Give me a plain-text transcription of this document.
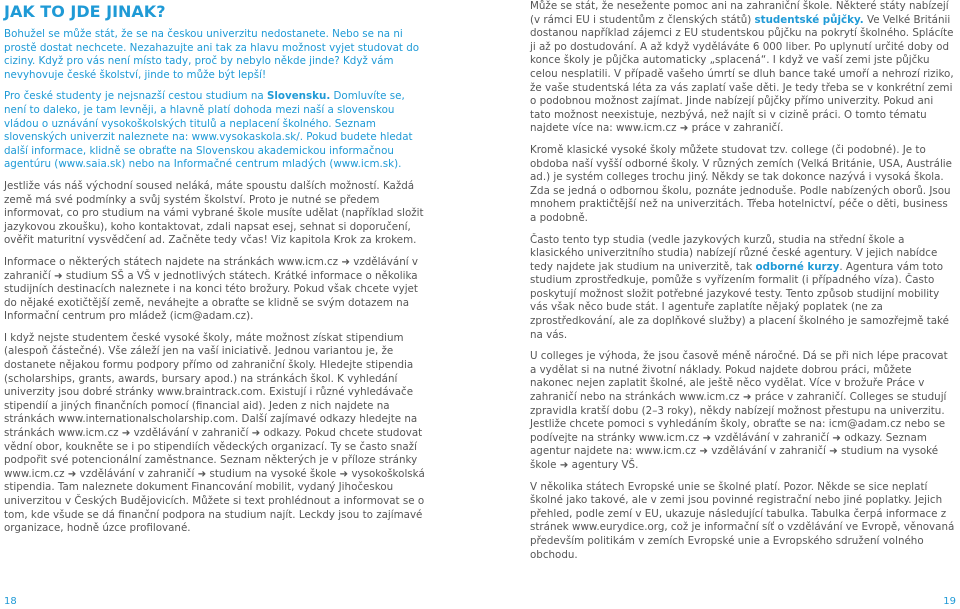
JAK TO JDE JINAK?

Bohužel se může stát, že se na českou univerzitu nedostanete. Nebo se na ni prostě dostat nechcete. Nezahazujte ani tak za hlavu možnost vyjet studovat do ciziny. Když pro vás není místo tady, proč by nebylo někde jinde? Když vám nevyhovuje české školství, jinde to může být lepší!

Pro české studenty je nejsnazší cestou studium na Slovensku. Domluvíte se, není to daleko, je tam levněji, a hlavně platí dohoda mezi naší a slovenskou vládou o uznávání vysokoškolských titulů a neplacení školného. Seznam slovenských univerzit naleznete na: www.vysokaskola.sk/. Pokud budete hledat další informace, klidně se obraťte na Slovenskou akademickou informačnou agentúru (www.saia.sk) nebo na Informačné centrum mladých (www.icm.sk).

Jestliže vás náš východní soused neláká, máte spoustu dalších možností. Každá země má své podmínky a svůj systém školství. Proto je nutné se předem informovat, co pro studium na vámi vybrané škole musíte udělat (například složit jazykovou zkoušku), koho kontaktovat, zdali napsat esej, sehnat si doporučení, ověřit maturitní vysvědčení ad. Začněte tedy včas! Viz kapitola Krok za krokem.

Informace o některých státech najdete na stránkách www.icm.cz ➜ vzdělávání v zahraničí ➜ studium SŠ a VŠ v jednotlivých státech. Krátké informace o několika studijních destinacích naleznete i na konci této brožury. Pokud však chcete vyjet do nějaké exotičtější země, neváhejte a obraťte se klidně se svým dotazem na Informační centrum pro mládež (icm@adam.cz).

I když nejste studentem české vysoké školy, máte možnost získat stipendium (alespoň částečné). Vše záleží jen na vaší iniciativě. Jednou variantou je, že dostanete nějakou formu podpory přímo od zahraniční školy. Hledejte stipendia (scholarships, grants, awards, bursary apod.) na stránkách škol. K vyhledání univerzity jsou dobré stránky www.braintrack.com. Existují i různé vyhledávače stipendií a jiných finančních pomocí (financial aid). Jeden z nich najdete na stránkách www.internationalscholarship.com. Další zajímavé odkazy hledejte na stránkách www.icm.cz ➜ vzdělávání v zahraničí ➜ odkazy. Pokud chcete studovat vědní obor, koukněte se i po stipendiích vědeckých organizací. Ty se často snaží podpořit své potencionální zaměstnance. Seznam některých je v příloze stránky www.icm.cz ➜ vzdělávání v zahraničí ➜ studium na vysoké škole ➜ vysokoškolská stipendia. Tam naleznete dokument Financování mobilit, vydaný Jihočeskou univerzitou v Českých Budějovicích. Můžete si text prohlédnout a informovat se o tom, kde všude se dá finanční podpora na studium najít. Leckdy jsou to zajímavé organizace, hodně úzce profilované.

Může se stát, že nesežente pomoc ani na zahraniční škole. Některé státy nabízejí (v rámci EU i studentům z členských států) studentské půjčky. Ve Velké Británii dostanou například zájemci z EU studentskou půjčku na pokrytí školného. Splácíte ji až po dostudování. A až když vyděláváte 6 000 liber. Po uplynutí určité doby od konce školy je půjčka automaticky „splacená“. I když ve vaší zemi jste půjčku celou nesplatili. V případě vašeho úmrtí se dluh bance také umoří a nehrozí riziko, že vaše studentská léta za vás zaplatí vaše děti. Je tedy třeba se v konkrétní zemi o podobnou možnost zajímat. Jinde nabízejí půjčky přímo univerzity. Pokud ani tato možnost neexistuje, nezbývá, než najít si v cizině práci. O tomto tématu najdete více na: www.icm.cz ➜ práce v zahraničí.

Kromě klasické vysoké školy můžete studovat tzv. college (či podobné). Je to obdoba naší vyšší odborné školy. V různých zemích (Velká Británie, USA, Austrálie ad.) je systém colleges trochu jiný. Někdy se tak dokonce nazývá i vysoká škola. Zda se jedná o odbornou školu, poznáte jednoduše. Podle nabízených oborů. Jsou mnohem praktičtější než na univerzitách. Třeba hotelnictví, péče o děti, business a podobně.

Často tento typ studia (vedle jazykových kurzů, studia na střední škole a klasického univerzitního studia) nabízejí různé české agentury. V jejich nabídce tedy najdete jak studium na univerzitě, tak odborné kurzy. Agentura vám toto studium zprostředkuje, pomůže s vyřízením formalit (i případného víza). Často poskytují možnost složit potřebné jazykové testy. Tento způsob studijní mobility vás však něco bude stát. I agentuře zaplatíte nějaký poplatek (ne za zprostředkování, ale za doplňkové služby) a placení školného je samozřejmě také na vás.

U colleges je výhoda, že jsou časově méně náročné. Dá se při nich lépe pracovat a vydělat si na nutné životní náklady. Pokud najdete dobrou práci, můžete nakonec nejen zaplatit školné, ale ještě něco vydělat. Více v brožuře Práce v zahraničí nebo na stránkách www.icm.cz ➜ práce v zahraničí. Colleges se studují zpravidla kratší dobu (2–3 roky), někdy nabízejí možnost přestupu na univerzitu. Jestliže chcete pomoci s vyhledáním školy, obraťte se na: icm@adam.cz nebo se podívejte na stránky www.icm.cz ➜ vzdělávání v zahraničí ➜ odkazy. Seznam agentur najdete na: www.icm.cz ➜ vzdělávání v zahraničí ➜ studium na vysoké škole ➜ agentury VŠ.

V několika státech Evropské unie se školné platí. Pozor. Někde se sice neplatí školné jako takové, ale v zemi jsou povinné registrační nebo jiné poplatky. Jejich přehled, podle zemí v EU, ukazuje následující tabulka. Tabulka čerpá informace z stránek www.eurydice.org, což je informační síť o vzdělávání ve Evropě, věnovaná především politikám v zemích Evropské unie a Evropského sdružení volného obchodu.

18	19
